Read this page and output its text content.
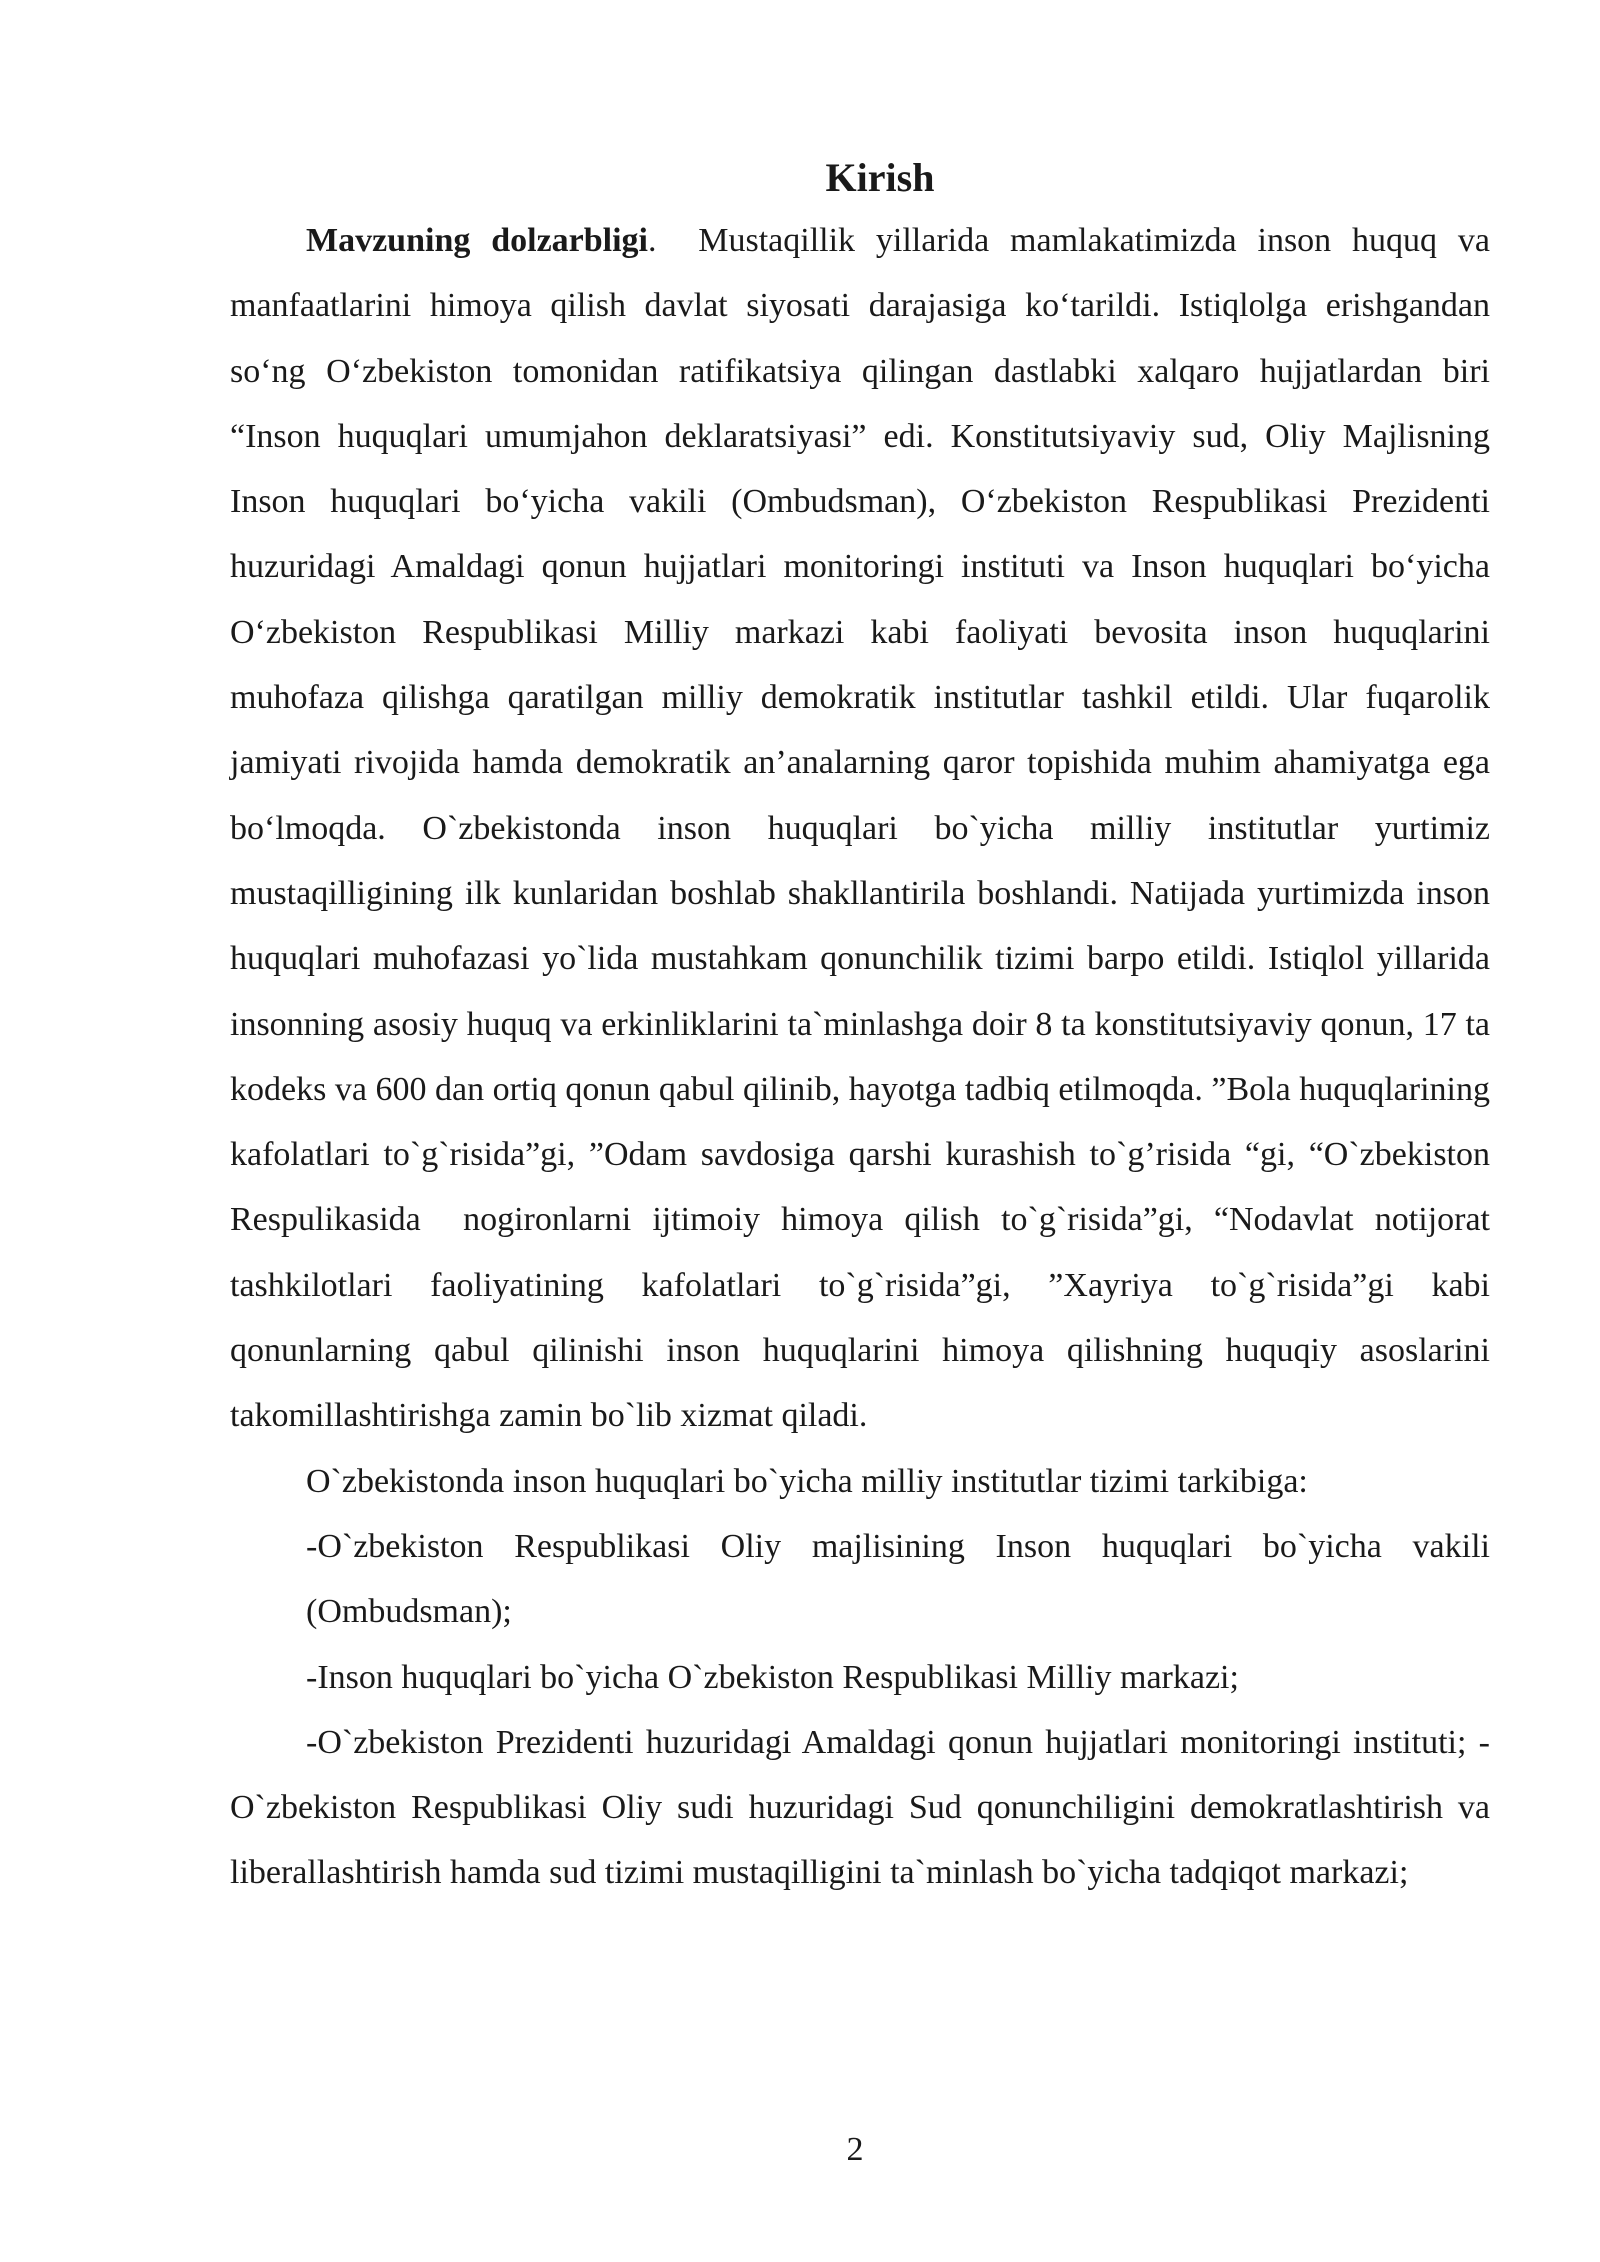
Kirish

Mavzuning dolzarbligi.  Mustaqillik yillarida mamlakatimizda inson huquq va manfaatlarini himoya qilish davlat siyosati darajasiga ko‘tarildi. Istiqlolga erishgandan so‘ng O‘zbekiston tomonidan ratifikatsiya qilingan dastlabki xalqaro hujjatlardan biri “Inson huquqlari umumjahon deklaratsiyasi” edi. Konstitutsiyaviy sud, Oliy Majlisning Inson huquqlari bo‘yicha vakili (Ombudsman), O‘zbekiston Respublikasi Prezidenti huzuridagi Amaldagi qonun hujjatlari monitoringi instituti va Inson huquqlari bo‘yicha O‘zbekiston Respublikasi Milliy markazi kabi faoliyati bevosita inson huquqlarini muhofaza qilishga qaratilgan milliy demokratik institutlar tashkil etildi. Ular fuqarolik jamiyati rivojida hamda demokratik an’analarning qaror topishida muhim ahamiyatga ega bo‘lmoqda. O`zbekistonda inson huquqlari bo`yicha milliy institutlar yurtimiz mustaqilligining ilk kunlaridan boshlab shakllantirila boshlandi. Natijada yurtimizda inson huquqlari muhofazasi yo`lida mustahkam qonunchilik tizimi barpo etildi. Istiqlol yillarida insonning asosiy huquq va erkinliklarini ta`minlashga doir 8 ta konstitutsiyaviy qonun, 17 ta kodeks va 600 dan ortiq qonun qabul qilinib, hayotga tadbiq etilmoqda. ”Bola huquqlarining kafolatlari to`g`risida”gi, ”Odam savdosiga qarshi kurashish to`g’risida “gi, “O`zbekiston Respulikasida  nogironlarni ijtimoiy himoya qilish to`g`risida”gi, “Nodavlat notijorat tashkilotlari faoliyatining kafolatlari to`g`risida”gi, ”Xayriya to`g`risida”gi kabi qonunlarning qabul qilinishi inson huquqlarini himoya qilishning huquqiy asoslarini takomillashtirishga zamin bo`lib xizmat qiladi.

O`zbekistonda inson huquqlari bo`yicha milliy institutlar tizimi tarkibiga:

-O`zbekiston Respublikasi Oliy majlisining Inson huquqlari bo`yicha vakili (Ombudsman);

-Inson huquqlari bo`yicha O`zbekiston Respublikasi Milliy markazi;

-O`zbekiston Prezidenti huzuridagi Amaldagi qonun hujjatlari monitoringi instituti; -O`zbekiston Respublikasi Oliy sudi huzuridagi Sud qonunchiligini demokratlashtirish va liberallashtirish hamda sud tizimi mustaqilligini ta`minlash bo`yicha tadqiqot markazi;

2
